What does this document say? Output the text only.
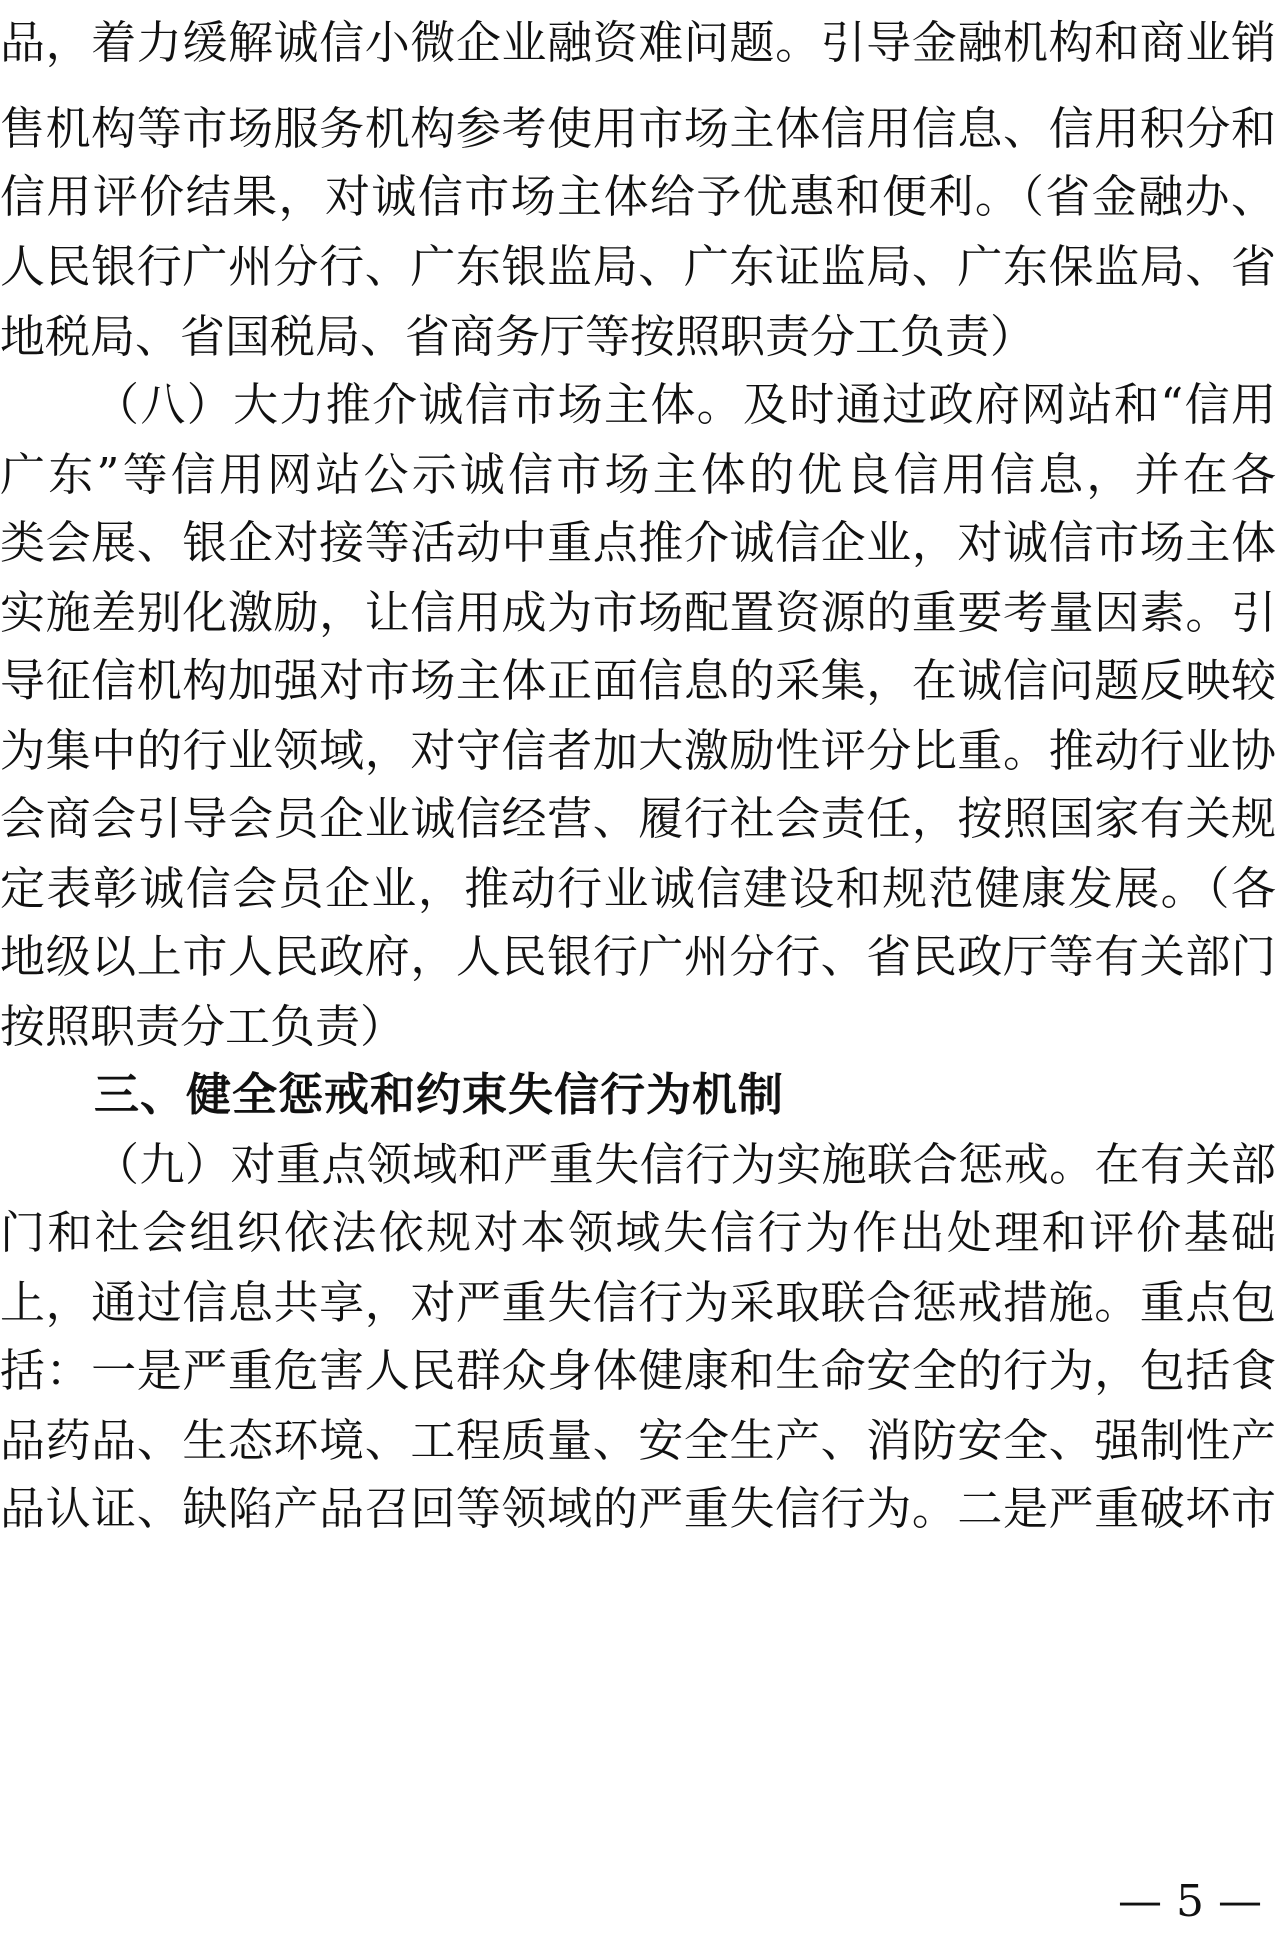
品，着力缓解诚信小微企业融资难问题。引导金融机构和商业销
售机构等市场服务机构参考使用市场主体信用信息、信用积分和
信用评价结果，对诚信市场主体给予优惠和便利。（省金融办、
人民银行广州分行、广东银监局、广东证监局、广东保监局、省
地税局、省国税局、省商务厅等按照职责分工负责）
（八）大力推介诚信市场主体。及时通过政府网站和“信用
广东”等信用网站公示诚信市场主体的优良信用信息，并在各
类会展、银企对接等活动中重点推介诚信企业，对诚信市场主体
实施差别化激励，让信用成为市场配置资源的重要考量因素。引
导征信机构加强对市场主体正面信息的采集，在诚信问题反映较
为集中的行业领域，对守信者加大激励性评分比重。推动行业协
会商会引导会员企业诚信经营、履行社会责任，按照国家有关规
定表彰诚信会员企业，推动行业诚信建设和规范健康发展。（各
地级以上市人民政府，人民银行广州分行、省民政厅等有关部门
按照职责分工负责）
三、健全惩戒和约束失信行为机制
（九）对重点领域和严重失信行为实施联合惩戒。在有关部
门和社会组织依法依规对本领域失信行为作出处理和评价基础
上，通过信息共享，对严重失信行为采取联合惩戒措施。重点包
括：一是严重危害人民群众身体健康和生命安全的行为，包括食
品药品、生态环境、工程质量、安全生产、消防安全、强制性产
品认证、缺陷产品召回等领域的严重失信行为。二是严重破坏市
— 5 —
